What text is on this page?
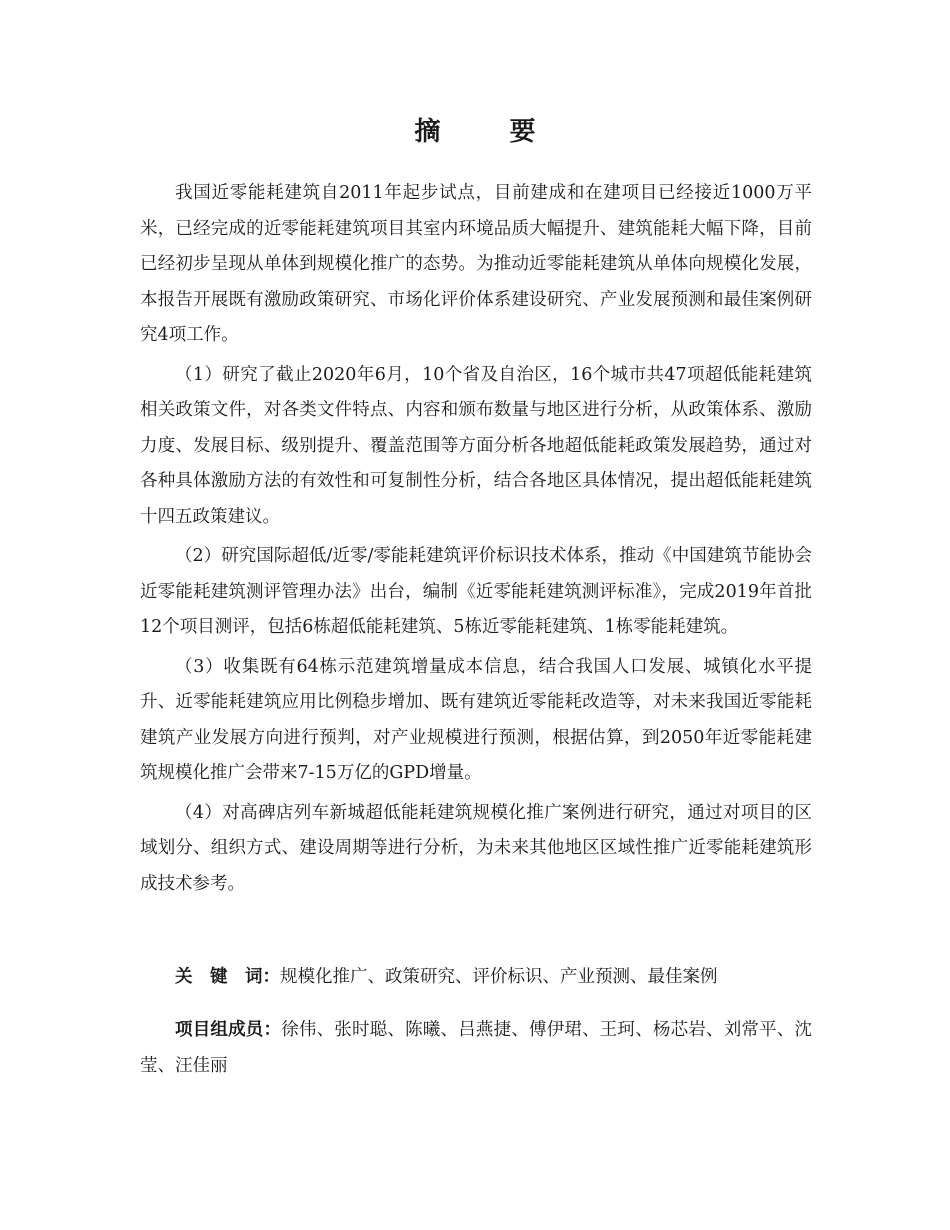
摘 要

我国近零能耗建筑自2011年起步试点，目前建成和在建项目已经接近1000万平米，已经完成的近零能耗建筑项目其室内环境品质大幅提升、建筑能耗大幅下降，目前已经初步呈现从单体到规模化推广的态势。为推动近零能耗建筑从单体向规模化发展，本报告开展既有激励政策研究、市场化评价体系建设研究、产业发展预测和最佳案例研究4项工作。

（1）研究了截止2020年6月，10个省及自治区，16个城市共47项超低能耗建筑相关政策文件，对各类文件特点、内容和颁布数量与地区进行分析，从政策体系、激励力度、发展目标、级别提升、覆盖范围等方面分析各地超低能耗政策发展趋势，通过对各种具体激励方法的有效性和可复制性分析，结合各地区具体情况，提出超低能耗建筑十四五政策建议。

（2）研究国际超低/近零/零能耗建筑评价标识技术体系，推动《中国建筑节能协会近零能耗建筑测评管理办法》出台，编制《近零能耗建筑测评标准》，完成2019年首批12个项目测评，包括6栋超低能耗建筑、5栋近零能耗建筑、1栋零能耗建筑。

（3）收集既有64栋示范建筑增量成本信息，结合我国人口发展、城镇化水平提升、近零能耗建筑应用比例稳步增加、既有建筑近零能耗改造等，对未来我国近零能耗建筑产业发展方向进行预判，对产业规模进行预测，根据估算，到2050年近零能耗建筑规模化推广会带来7-15万亿的GPD增量。

（4）对高碑店列车新城超低能耗建筑规模化推广案例进行研究，通过对项目的区域划分、组织方式、建设周期等进行分析，为未来其他地区区域性推广近零能耗建筑形成技术参考。

关　键　词：规模化推广、政策研究、评价标识、产业预测、最佳案例
项目组成员：徐伟、张时聪、陈曦、吕燕捷、傅伊珺、王珂、杨芯岩、刘常平、沈莹、汪佳丽
